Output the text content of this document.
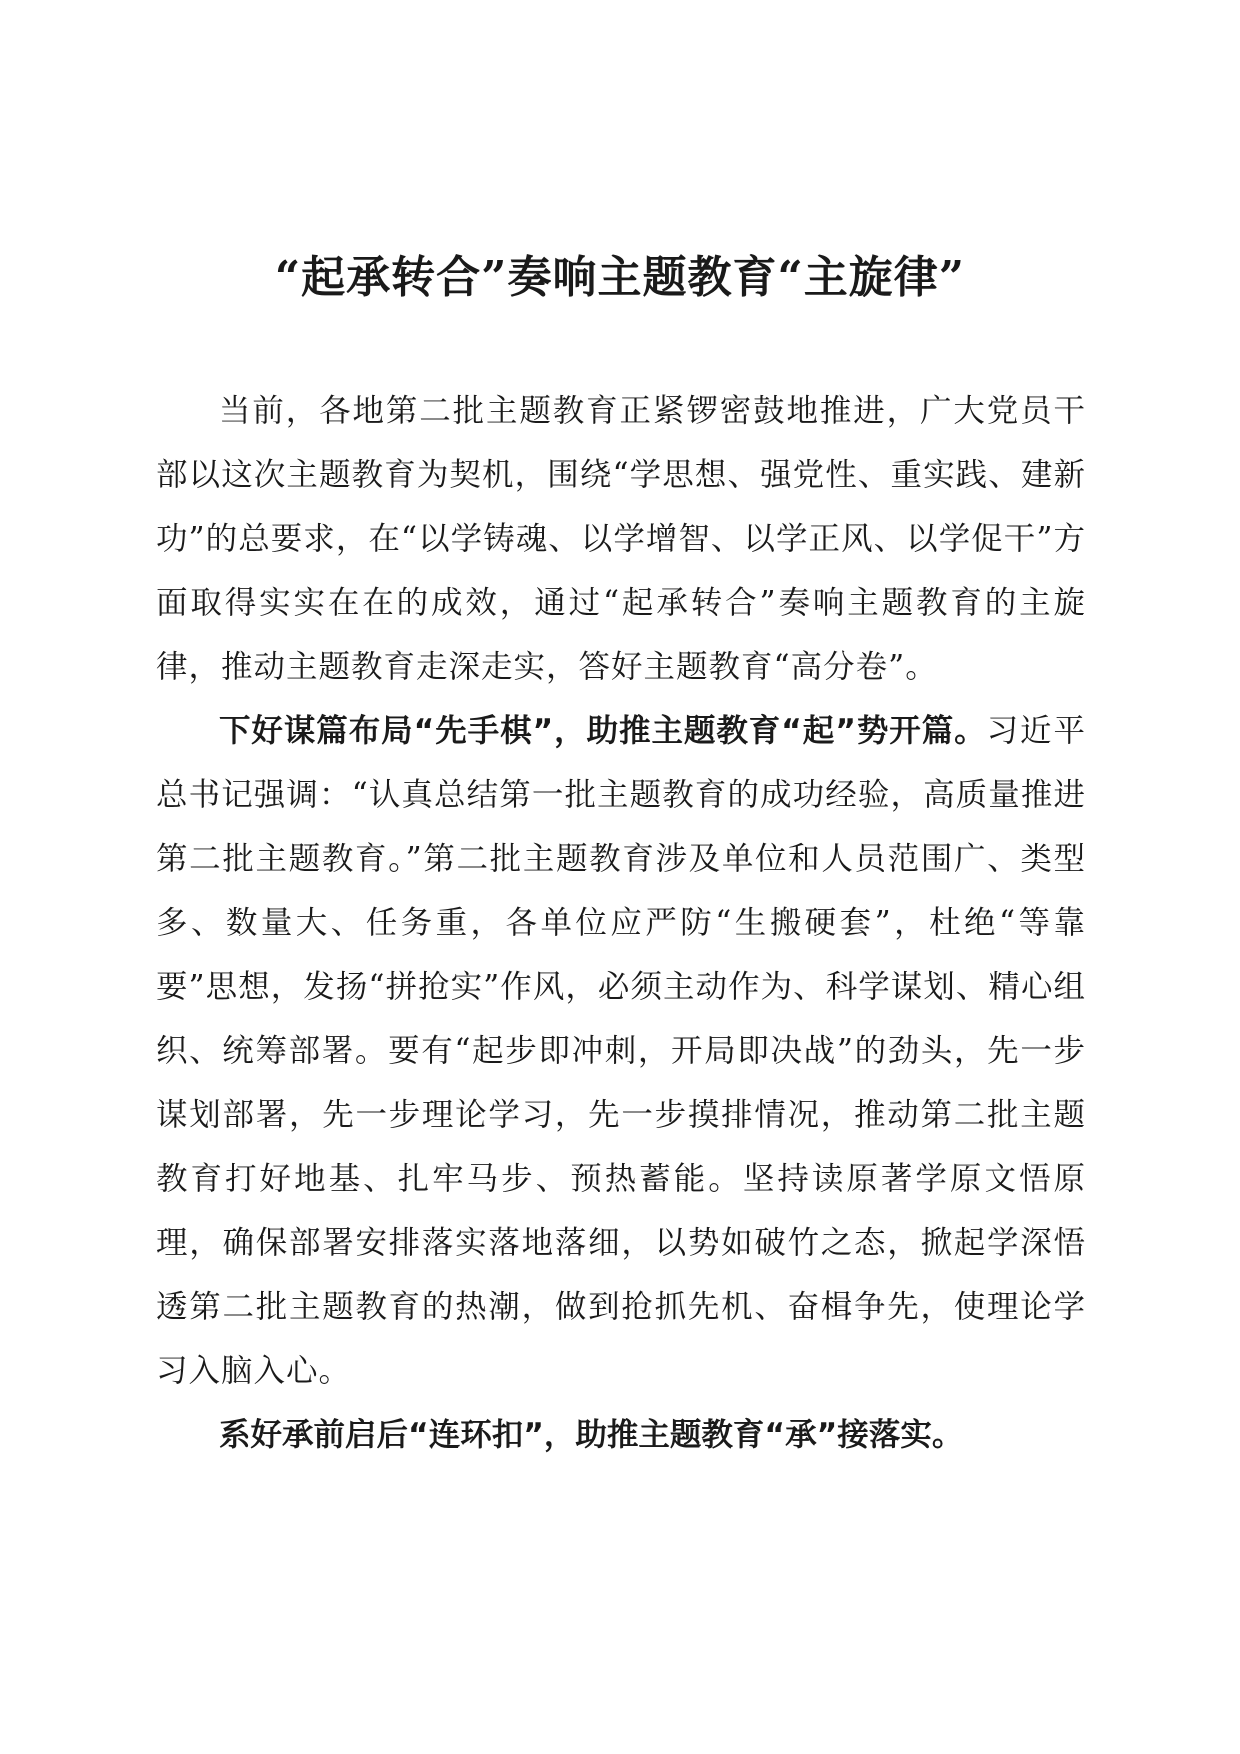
“起承转合”奏响主题教育“主旋律”

当前，各地第二批主题教育正紧锣密鼓地推进，广大党员干部以这次主题教育为契机，围绕“学思想、强党性、重实践、建新功”的总要求，在“以学铸魂、以学增智、以学正风、以学促干”方面取得实实在在的成效，通过“起承转合”奏响主题教育的主旋律，推动主题教育走深走实，答好主题教育“高分卷”。

下好谋篇布局“先手棋”，助推主题教育“起”势开篇。习近平总书记强调：“认真总结第一批主题教育的成功经验，高质量推进第二批主题教育。”第二批主题教育涉及单位和人员范围广、类型多、数量大、任务重，各单位应严防“生搬硬套”，杜绝“等靠要”思想，发扬“拼抢实”作风，必须主动作为、科学谋划、精心组织、统筹部署。要有“起步即冲刺，开局即决战”的劲头，先一步谋划部署，先一步理论学习，先一步摸排情况，推动第二批主题教育打好地基、扎牢马步、预热蓄能。坚持读原著学原文悟原理，确保部署安排落实落地落细，以势如破竹之态，掀起学深悟透第二批主题教育的热潮，做到抢抓先机、奋楫争先，使理论学习入脑入心。

系好承前启后“连环扣”，助推主题教育“承”接落实。
